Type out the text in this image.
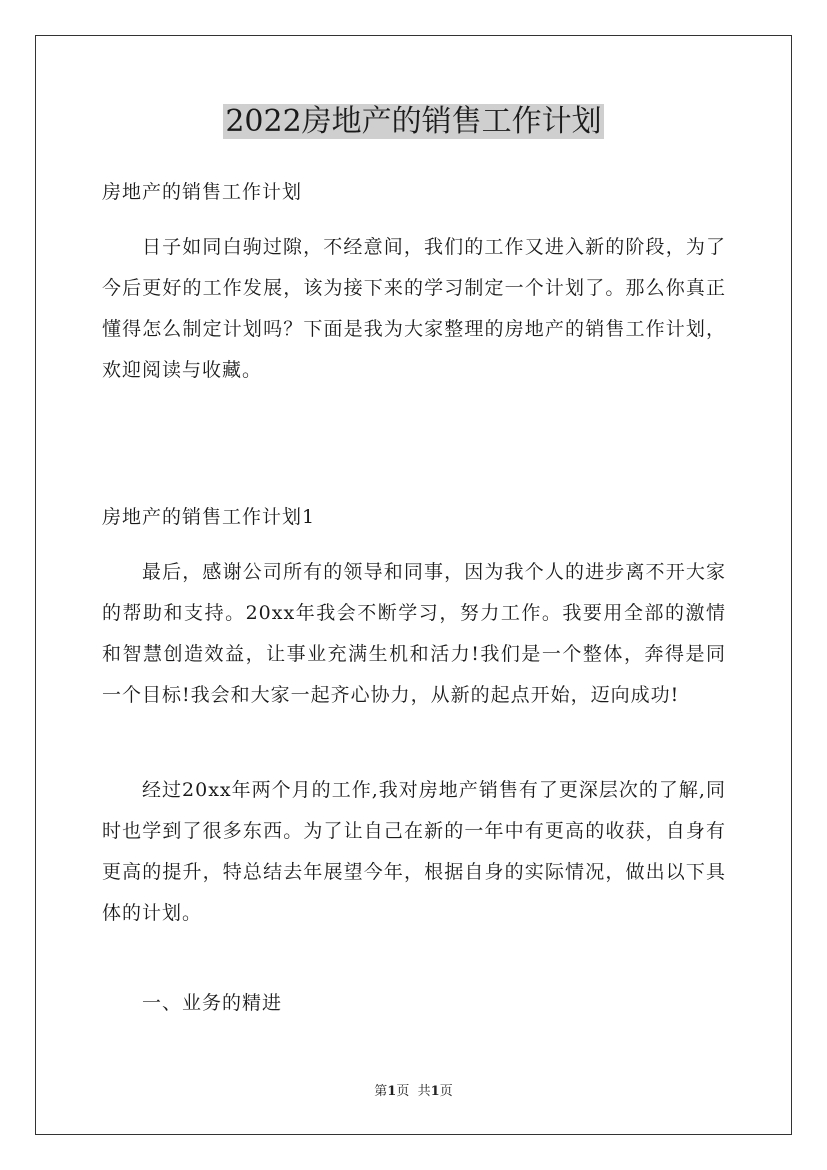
2022房地产的销售工作计划

房地产的销售工作计划

日子如同白驹过隙，不经意间，我们的工作又进入新的阶段，为了今后更好的工作发展，该为接下来的学习制定一个计划了。那么你真正懂得怎么制定计划吗？下面是我为大家整理的房地产的销售工作计划，欢迎阅读与收藏。

房地产的销售工作计划1

最后，感谢公司所有的领导和同事，因为我个人的进步离不开大家的帮助和支持。20xx年我会不断学习，努力工作。我要用全部的激情和智慧创造效益，让事业充满生机和活力!我们是一个整体，奔得是同一个目标!我会和大家一起齐心协力，从新的起点开始，迈向成功!

经过20xx年两个月的工作,我对房地产销售有了更深层次的了解,同时也学到了很多东西。为了让自己在新的一年中有更高的收获，自身有更高的提升，特总结去年展望今年，根据自身的实际情况，做出以下具体的计划。

一、业务的精进

第1页 共1页
